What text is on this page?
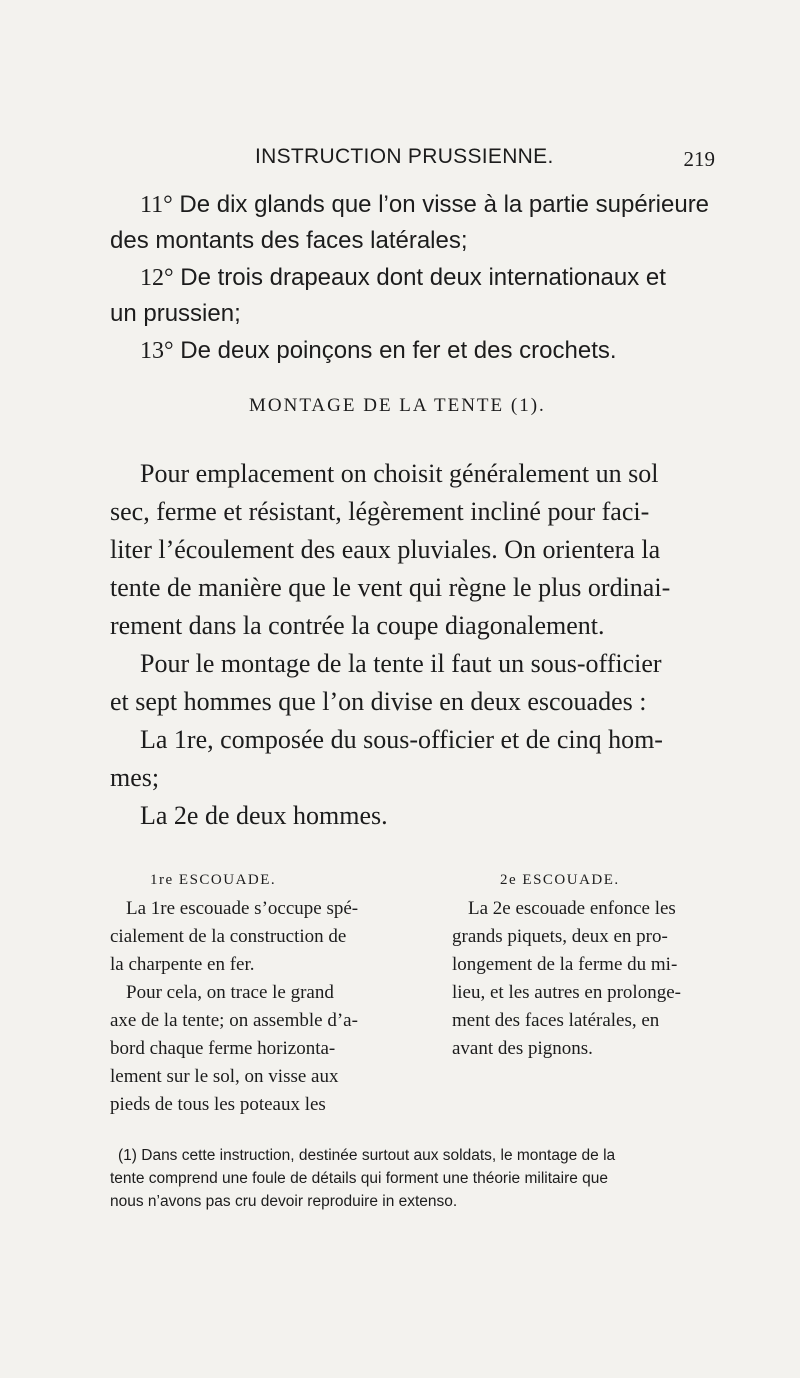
INSTRUCTION PRUSSIENNE.	219
11° De dix glands que l’on visse à la partie supérieure
des montants des faces latérales;
12° De trois drapeaux dont deux internationaux et
un prussien;
13° De deux poinçons en fer et des crochets.
MONTAGE DE LA TENTE (1).
Pour emplacement on choisit généralement un sol
sec, ferme et résistant, légèrement incliné pour faci-
liter l’écoulement des eaux pluviales. On orientera la
tente de manière que le vent qui règne le plus ordinai-
rement dans la contrée la coupe diagonalement.
Pour le montage de la tente il faut un sous-officier
et sept hommes que l’on divise en deux escouades :
La 1re, composée du sous-officier et de cinq hom-
mes;
La 2e de deux hommes.
1re ESCOUADE.	2e ESCOUADE.
La 1re escouade s’occupe spé-
cialement de la construction de
la charpente en fer.
Pour cela, on trace le grand
axe de la tente; on assemble d’a-
bord chaque ferme horizonta-
lement sur le sol, on visse aux
pieds de tous les poteaux les
La 2e escouade enfonce les
grands piquets, deux en pro-
longement de la ferme du mi-
lieu, et les autres en prolonge-
ment des faces latérales, en
avant des pignons.
(1) Dans cette instruction, destinée surtout aux soldats, le montage de la
tente comprend une foule de détails qui forment une théorie militaire que
nous n’avons pas cru devoir reproduire in extenso.
